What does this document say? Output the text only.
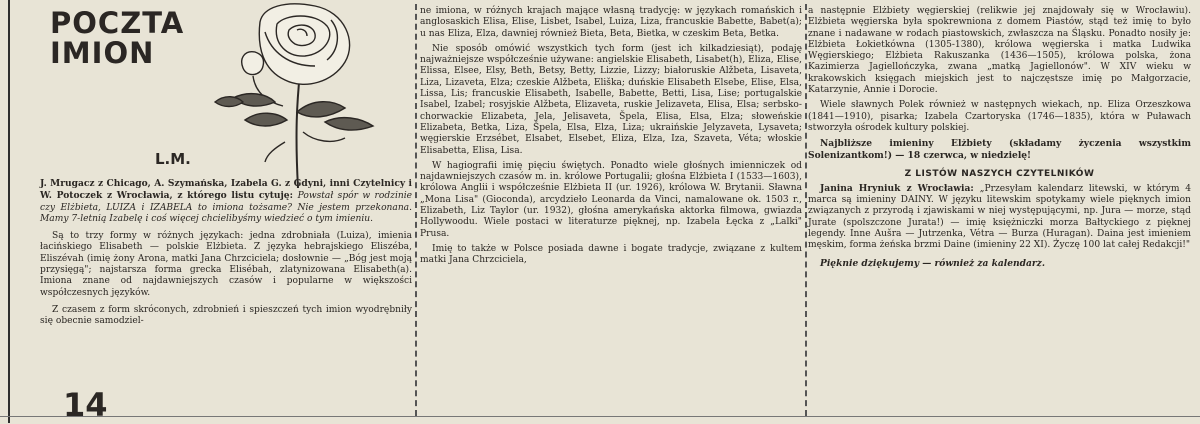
POCZTA
IMION
L.M.

J. Mrugacz z Chicago, A. Szymańska, Izabela G. z Gdyni, inni Czytelnicy i W. Potoczek z Wrocławia, z którego listu cytuję: Powstał spór w rodzinie czy Elżbieta, LUIZA i IZABELA to imiona tożsame? Nie jestem przekonana. Mamy 7-letnią Izabelę i coś więcej chcielibyśmy wiedzieć o tym imieniu.

Są to trzy formy w różnych językach: jedna zdrobniała (Luiza), imienia łacińskiego Elisabeth — polskie Elżbieta. Z języka hebrajskiego Eliszéba, Eliszévah (imię żony Arona, matki Jana Chrzciciela; dosłownie — „Bóg jest moją przysięgą"; najstarsza forma grecka Elisébah, zlatynizowana Elisabeth(a). Imiona znane od najdawniejszych czasów i popularne w większości współczesnych języków.

Z czasem z form skróconych, zdrobnień i spieszczeń tych imion wyodrębniły się obecnie samodziel-

ne imiona, w różnych krajach mające własną tradycję: w językach romańskich i anglosaskich Elisa, Elise, Lisbet, Isabel, Luiza, Liza, francuskie Babette, Babet(a); u nas Eliza, Elza, dawniej również Bieta, Beta, Bietka, w czeskim Beta, Betka.

Nie sposób omówić wszystkich tych form (jest ich kilkadziesiąt), podaję najważniejsze współcześnie używane: angielskie Elisabeth, Lisabet(h), Eliza, Elise, Elissa, Elsee, Elsy, Beth, Betsy, Betty, Lizzie, Lizzy; białoruskie Alžbeta, Lisaveta, Liza, Lizaveta, Elza; czeskie Alžbeta, Eliška; duńskie Elisabeth Elsebe, Elise, Elsa, Lissa, Lis; francuskie Elisabeth, Isabelle, Babette, Betti, Lisa, Lise; portugalskie Isabel, Izabel; rosyjskie Alžbeta, Elizaveta, ruskie Jelizaveta, Elisa, Elsa; serbsko-chorwackie Elizabeta, Jela, Jelisaveta, Špela, Elisa, Elsa, Elza; słoweńskie Elizabeta, Betka, Liza, Špela, Elsa, Elza, Liza; ukraińskie Jelyzaveta, Lysaveta; węgierskie Erzsébet, Elsabet, Elsebet, Eliza, Elza, Iza, Szaveta, Véta; włoskie Elisabetta, Elisa, Lisa.

W hagiografii imię pięciu świętych. Ponadto wiele głośnych imienniczek od najdawniejszych czasów m. in. królowe Portugalii; głośna Elżbieta I (1533—1603), królowa Anglii i współcześnie Elżbieta II (ur. 1926), królowa W. Brytanii. Sławna „Mona Lisa" (Gioconda), arcydzieło Leonarda da Vinci, namalowane ok. 1503 r., Elizabeth, Liz Taylor (ur. 1932), głośna amerykańska aktorka filmowa, gwiazda Hollywoodu. Wiele postaci w literaturze pięknej, np. Izabela Łęcka z „Lalki" Prusa.

Imię to także w Polsce posiada dawne i bogate tradycje, związane z kultem matki Jana Chrzciciela,

a następnie Elżbiety węgierskiej (relikwie jej znajdowały się w Wrocławiu). Elżbieta węgierska była spokrewniona z domem Piastów, stąd też imię to było znane i nadawane w rodach piastowskich, zwłaszcza na Śląsku. Ponadto nosiły je: Elżbieta Łokietkówna (1305-1380), królowa węgierska i matka Ludwika Węgierskiego; Elżbieta Rakuszanka (1436—1505), królowa polska, żona Kazimierza Jagiellończyka, zwana „matką Jagiellonów". W XIV wieku w krakowskich księgach miejskich jest to najczęstsze imię po Małgorzacie, Katarzynie, Annie i Dorocie.

Wiele sławnych Polek również w następnych wiekach, np. Eliza Orzeszkowa (1841—1910), pisarka; Izabela Czartoryska (1746—1835), która w Puławach stworzyła ośrodek kultury polskiej.

Najbliższe imieniny Elżbiety (składamy życzenia wszystkim Solenizantkom!) — 18 czerwca, w niedzielę!

Z LISTÓW NASZYCH CZYTELNIKÓW

Janina Hryniuk z Wrocławia: „Przesyłam kalendarz litewski, w którym 4 marca są imieniny DAINY. W języku litewskim spotykamy wiele pięknych imion związanych z przyrodą i zjawiskami w niej występującymi, np. Jura — morze, stąd Jurate (spolszczone Jurata!) — imię księżniczki morza Bałtyckiego z pięknej legendy. Inne Aušra — Jutrzenka, Vétra — Burza (Huragan). Daina jest imieniem męskim, forma żeńska brzmi Daine (imieniny 22 XI). Życzę 100 lat całej Redakcji!"

Pięknie dziękujemy — również za kalendarz.

14
